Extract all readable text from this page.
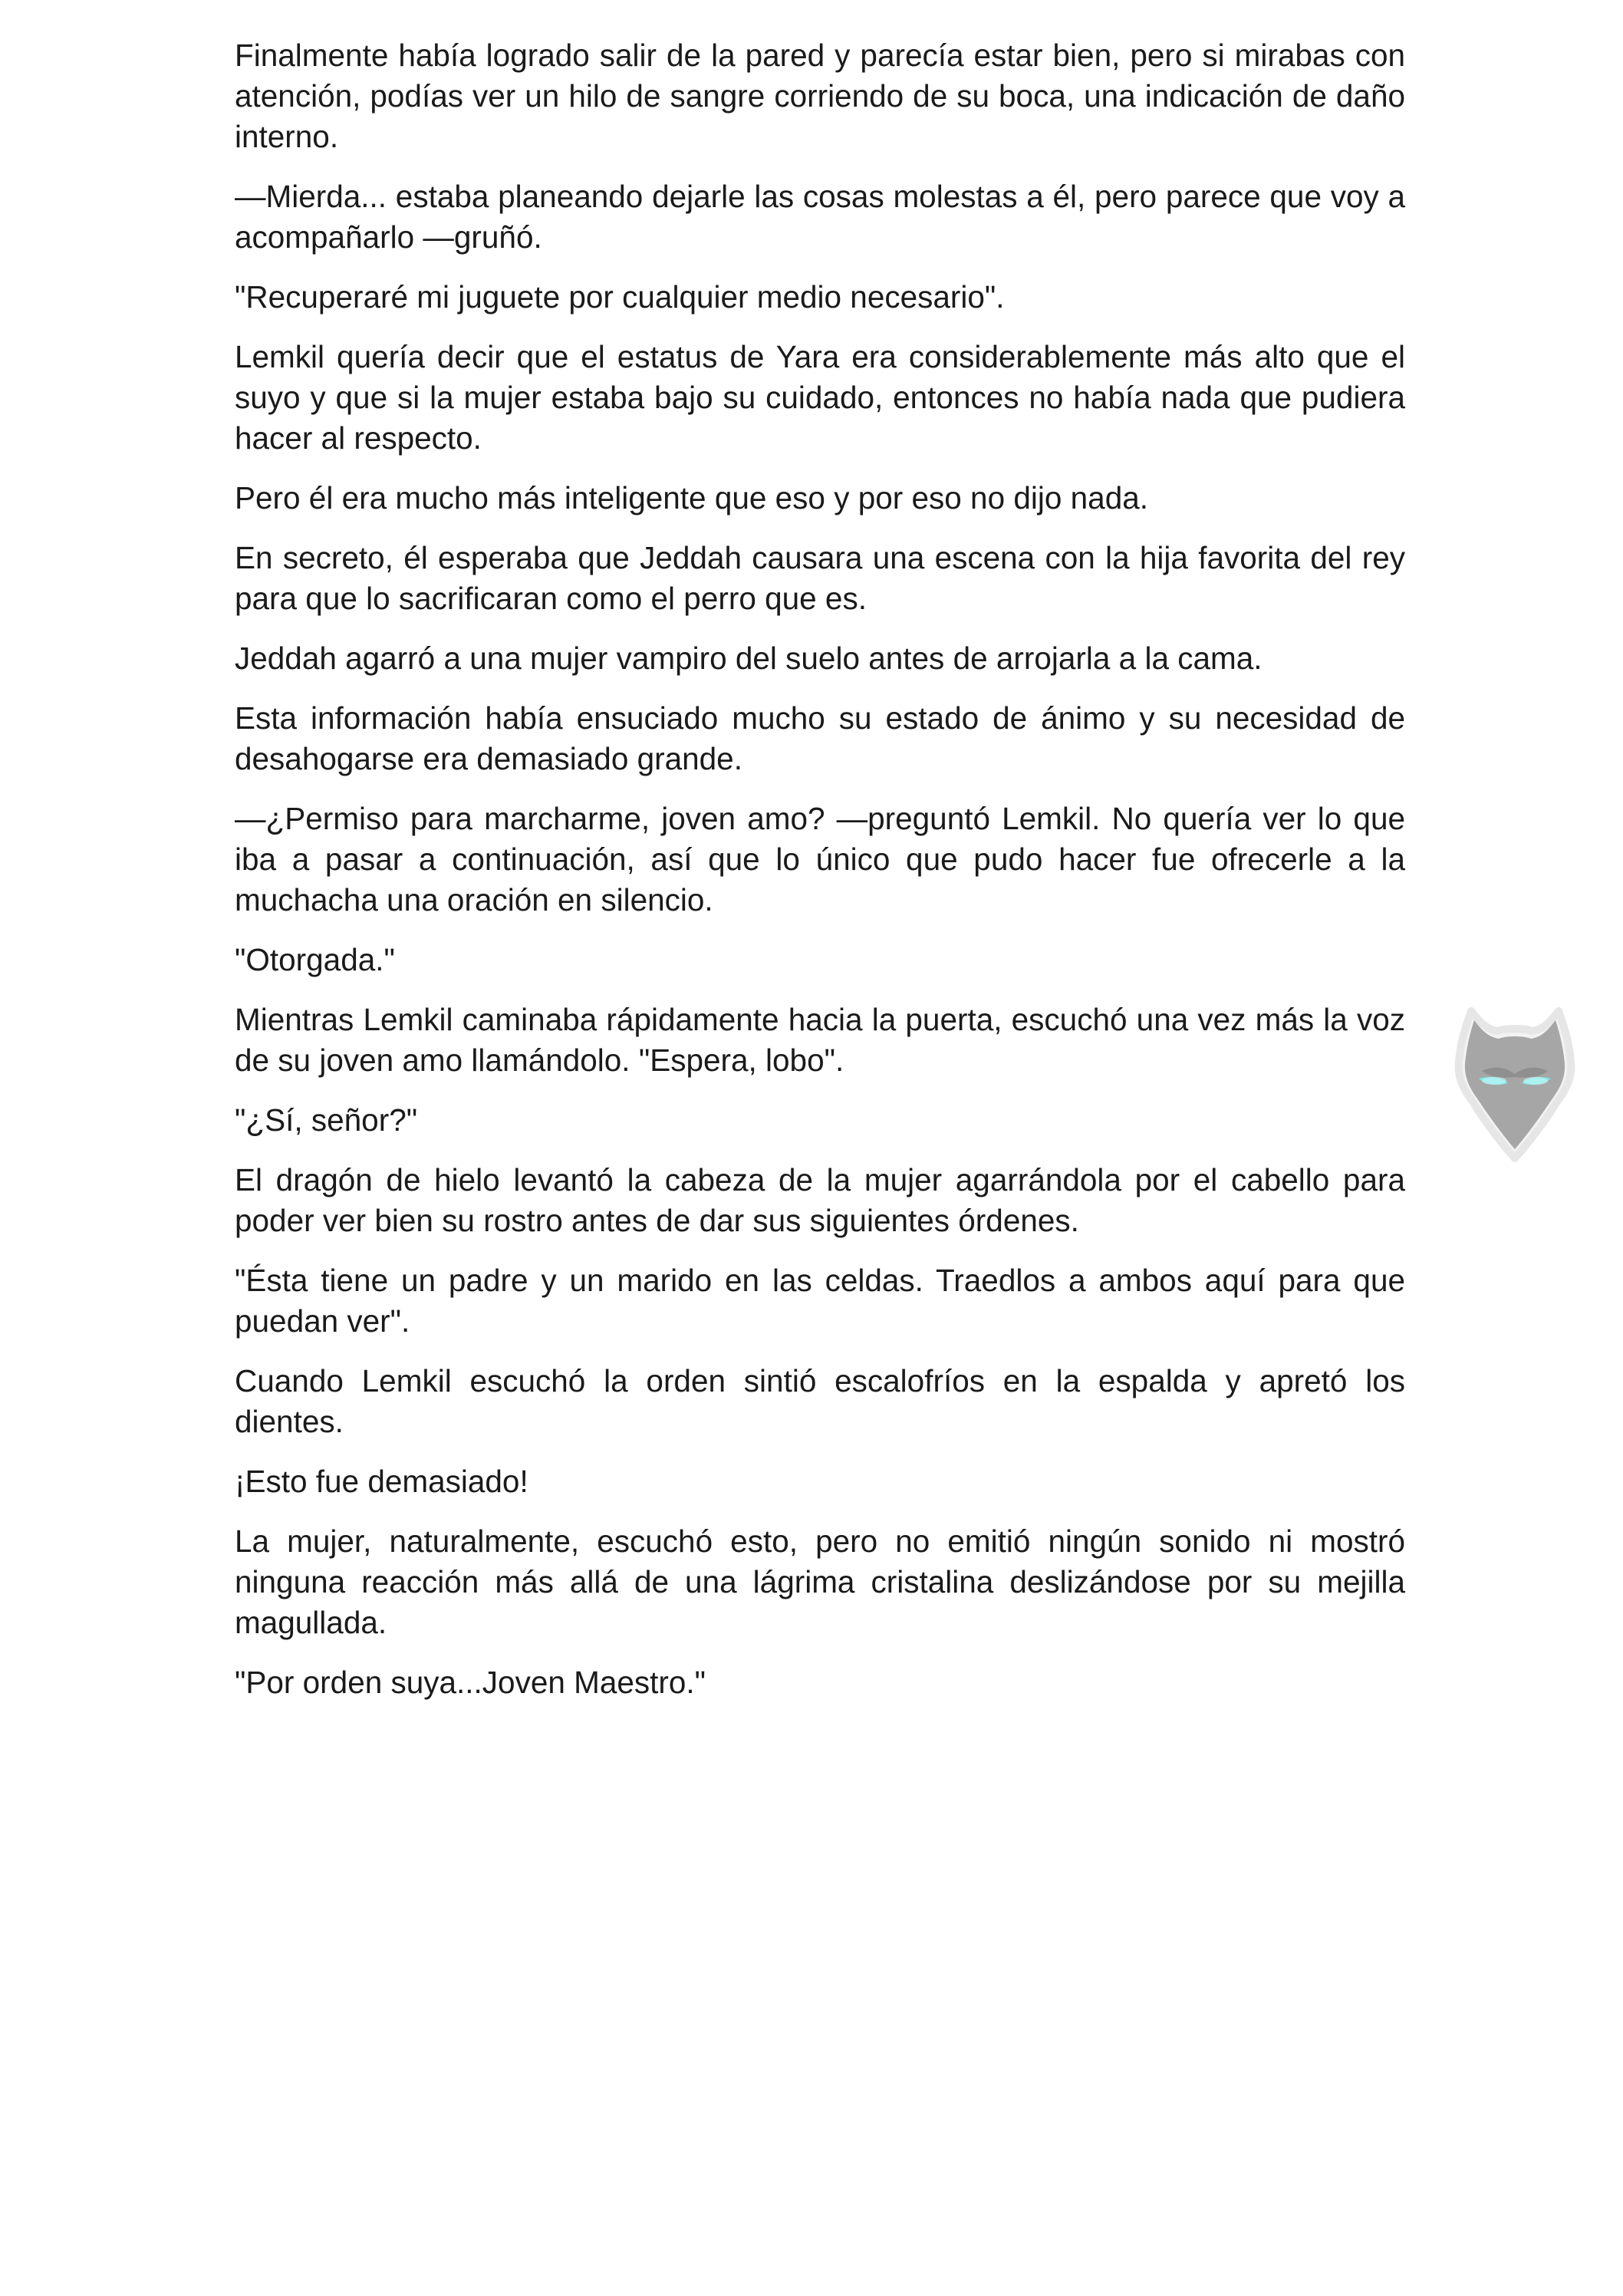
Finalmente había logrado salir de la pared y parecía estar bien, pero si mirabas con atención, podías ver un hilo de sangre corriendo de su boca, una indicación de daño interno.

—Mierda... estaba planeando dejarle las cosas molestas a él, pero parece que voy a acompañarlo —gruñó.

"Recuperaré mi juguete por cualquier medio necesario".

Lemkil quería decir que el estatus de Yara era considerablemente más alto que el suyo y que si la mujer estaba bajo su cuidado, entonces no había nada que pudiera hacer al respecto.

Pero él era mucho más inteligente que eso y por eso no dijo nada.

En secreto, él esperaba que Jeddah causara una escena con la hija favorita del rey para que lo sacrificaran como el perro que es.

Jeddah agarró a una mujer vampiro del suelo antes de arrojarla a la cama.

Esta información había ensuciado mucho su estado de ánimo y su necesidad de desahogarse era demasiado grande.

—¿Permiso para marcharme, joven amo? —preguntó Lemkil. No quería ver lo que iba a pasar a continuación, así que lo único que pudo hacer fue ofrecerle a la muchacha una oración en silencio.

"Otorgada."

Mientras Lemkil caminaba rápidamente hacia la puerta, escuchó una vez más la voz de su joven amo llamándolo. "Espera, lobo".

"¿Sí, señor?"

El dragón de hielo levantó la cabeza de la mujer agarrándola por el cabello para poder ver bien su rostro antes de dar sus siguientes órdenes.

"Ésta tiene un padre y un marido en las celdas. Traedlos a ambos aquí para que puedan ver".

Cuando Lemkil escuchó la orden sintió escalofríos en la espalda y apretó los dientes.

¡Esto fue demasiado!

La mujer, naturalmente, escuchó esto, pero no emitió ningún sonido ni mostró ninguna reacción más allá de una lágrima cristalina deslizándose por su mejilla magullada.

"Por orden suya...Joven Maestro."
